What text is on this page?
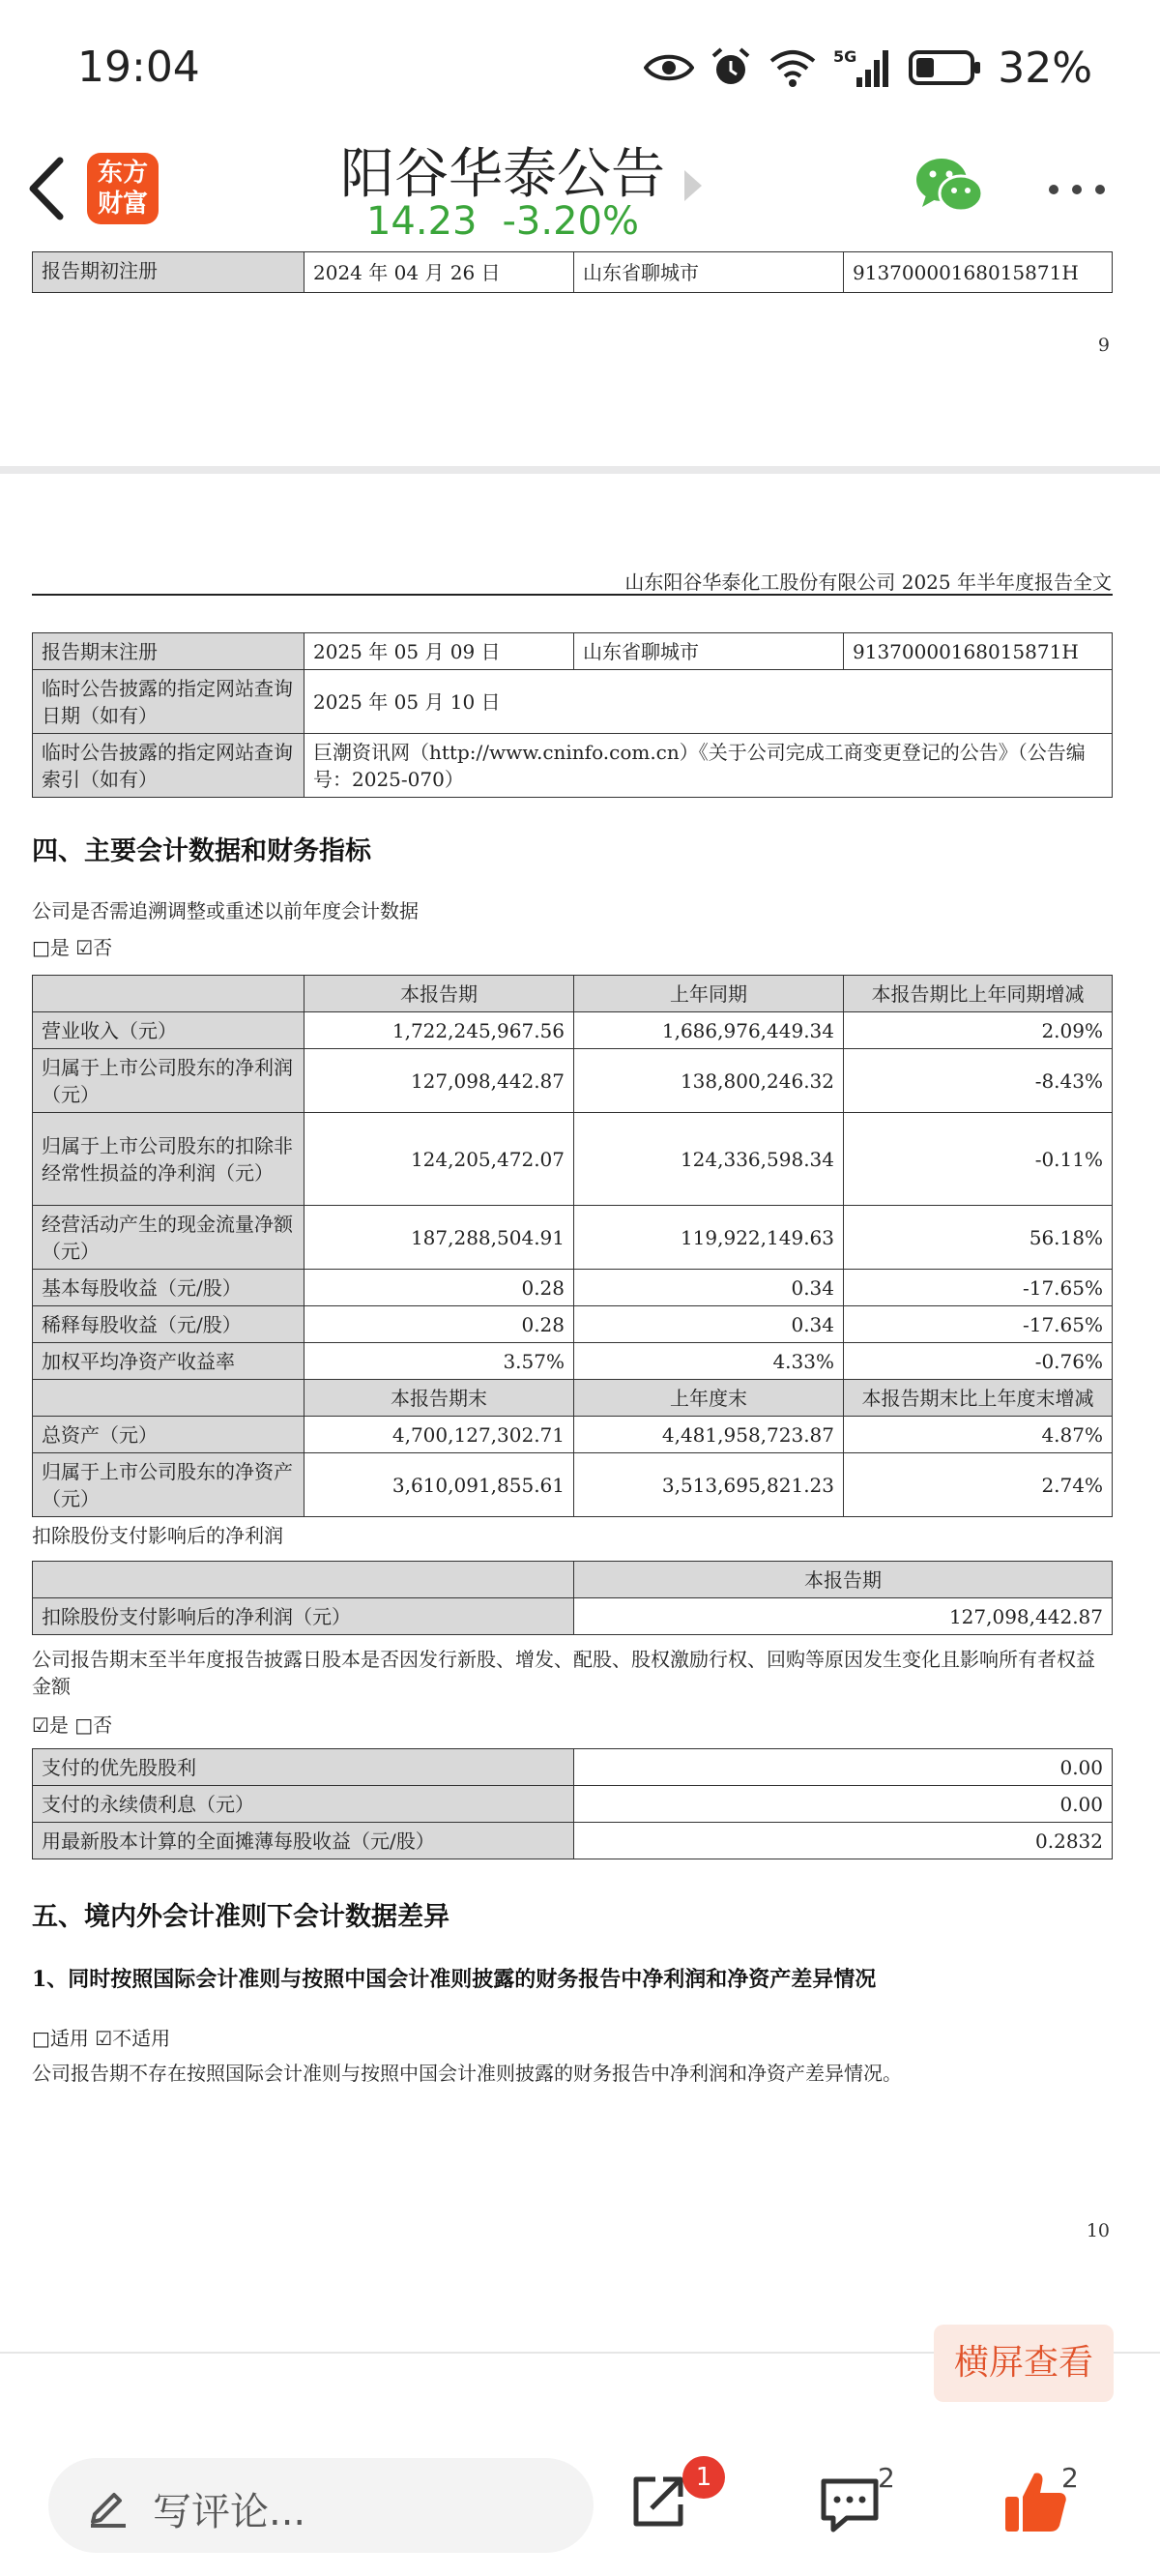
19:04	5G	32%
东方
财富	阳谷华泰公告
14.23 -3.20%
报告期初注册	2024 年 04 月 26 日	山东省聊城市	91370000168015871H
9
山东阳谷华泰化工股份有限公司 2025 年半年度报告全文
报告期末注册	2025 年 05 月 09 日	山东省聊城市	91370000168015871H
临时公告披露的指定网站查询日期（如有）	2025 年 05 月 10 日		
临时公告披露的指定网站查询索引（如有）	巨潮资讯网（http://www.cninfo.com.cn）《关于公司完成工商变更登记的公告》（公告编号：2025-070）		
四、主要会计数据和财务指标
公司是否需追溯调整或重述以前年度会计数据
□是 ☑否
	本报告期	上年同期	本报告期比上年同期增减
营业收入（元）	1,722,245,967.56	1,686,976,449.34	2.09%
归属于上市公司股东的净利润（元）	127,098,442.87	138,800,246.32	-8.43%
归属于上市公司股东的扣除非经常性损益的净利润（元）	124,205,472.07	124,336,598.34	-0.11%
经营活动产生的现金流量净额（元）	187,288,504.91	119,922,149.63	56.18%
基本每股收益（元/股）	0.28	0.34	-17.65%
稀释每股收益（元/股）	0.28	0.34	-17.65%
加权平均净资产收益率	3.57%	4.33%	-0.76%
	本报告期末	上年度末	本报告期末比上年度末增减
总资产（元）	4,700,127,302.71	4,481,958,723.87	4.87%
归属于上市公司股东的净资产（元）	3,610,091,855.61	3,513,695,821.23	2.74%
扣除股份支付影响后的净利润
	本报告期
扣除股份支付影响后的净利润（元）	127,098,442.87
公司报告期末至半年度报告披露日股本是否因发行新股、增发、配股、股权激励行权、回购等原因发生变化且影响所有者权益金额
☑是 □否
支付的优先股股利	0.00
支付的永续债利息（元）	0.00
用最新股本计算的全面摊薄每股收益（元/股）	0.2832
五、境内外会计准则下会计数据差异
1、同时按照国际会计准则与按照中国会计准则披露的财务报告中净利润和净资产差异情况
□适用 ☑不适用
公司报告期不存在按照国际会计准则与按照中国会计准则披露的财务报告中净利润和净资产差异情况。
10
横屏查看
写评论...
1	2	2
